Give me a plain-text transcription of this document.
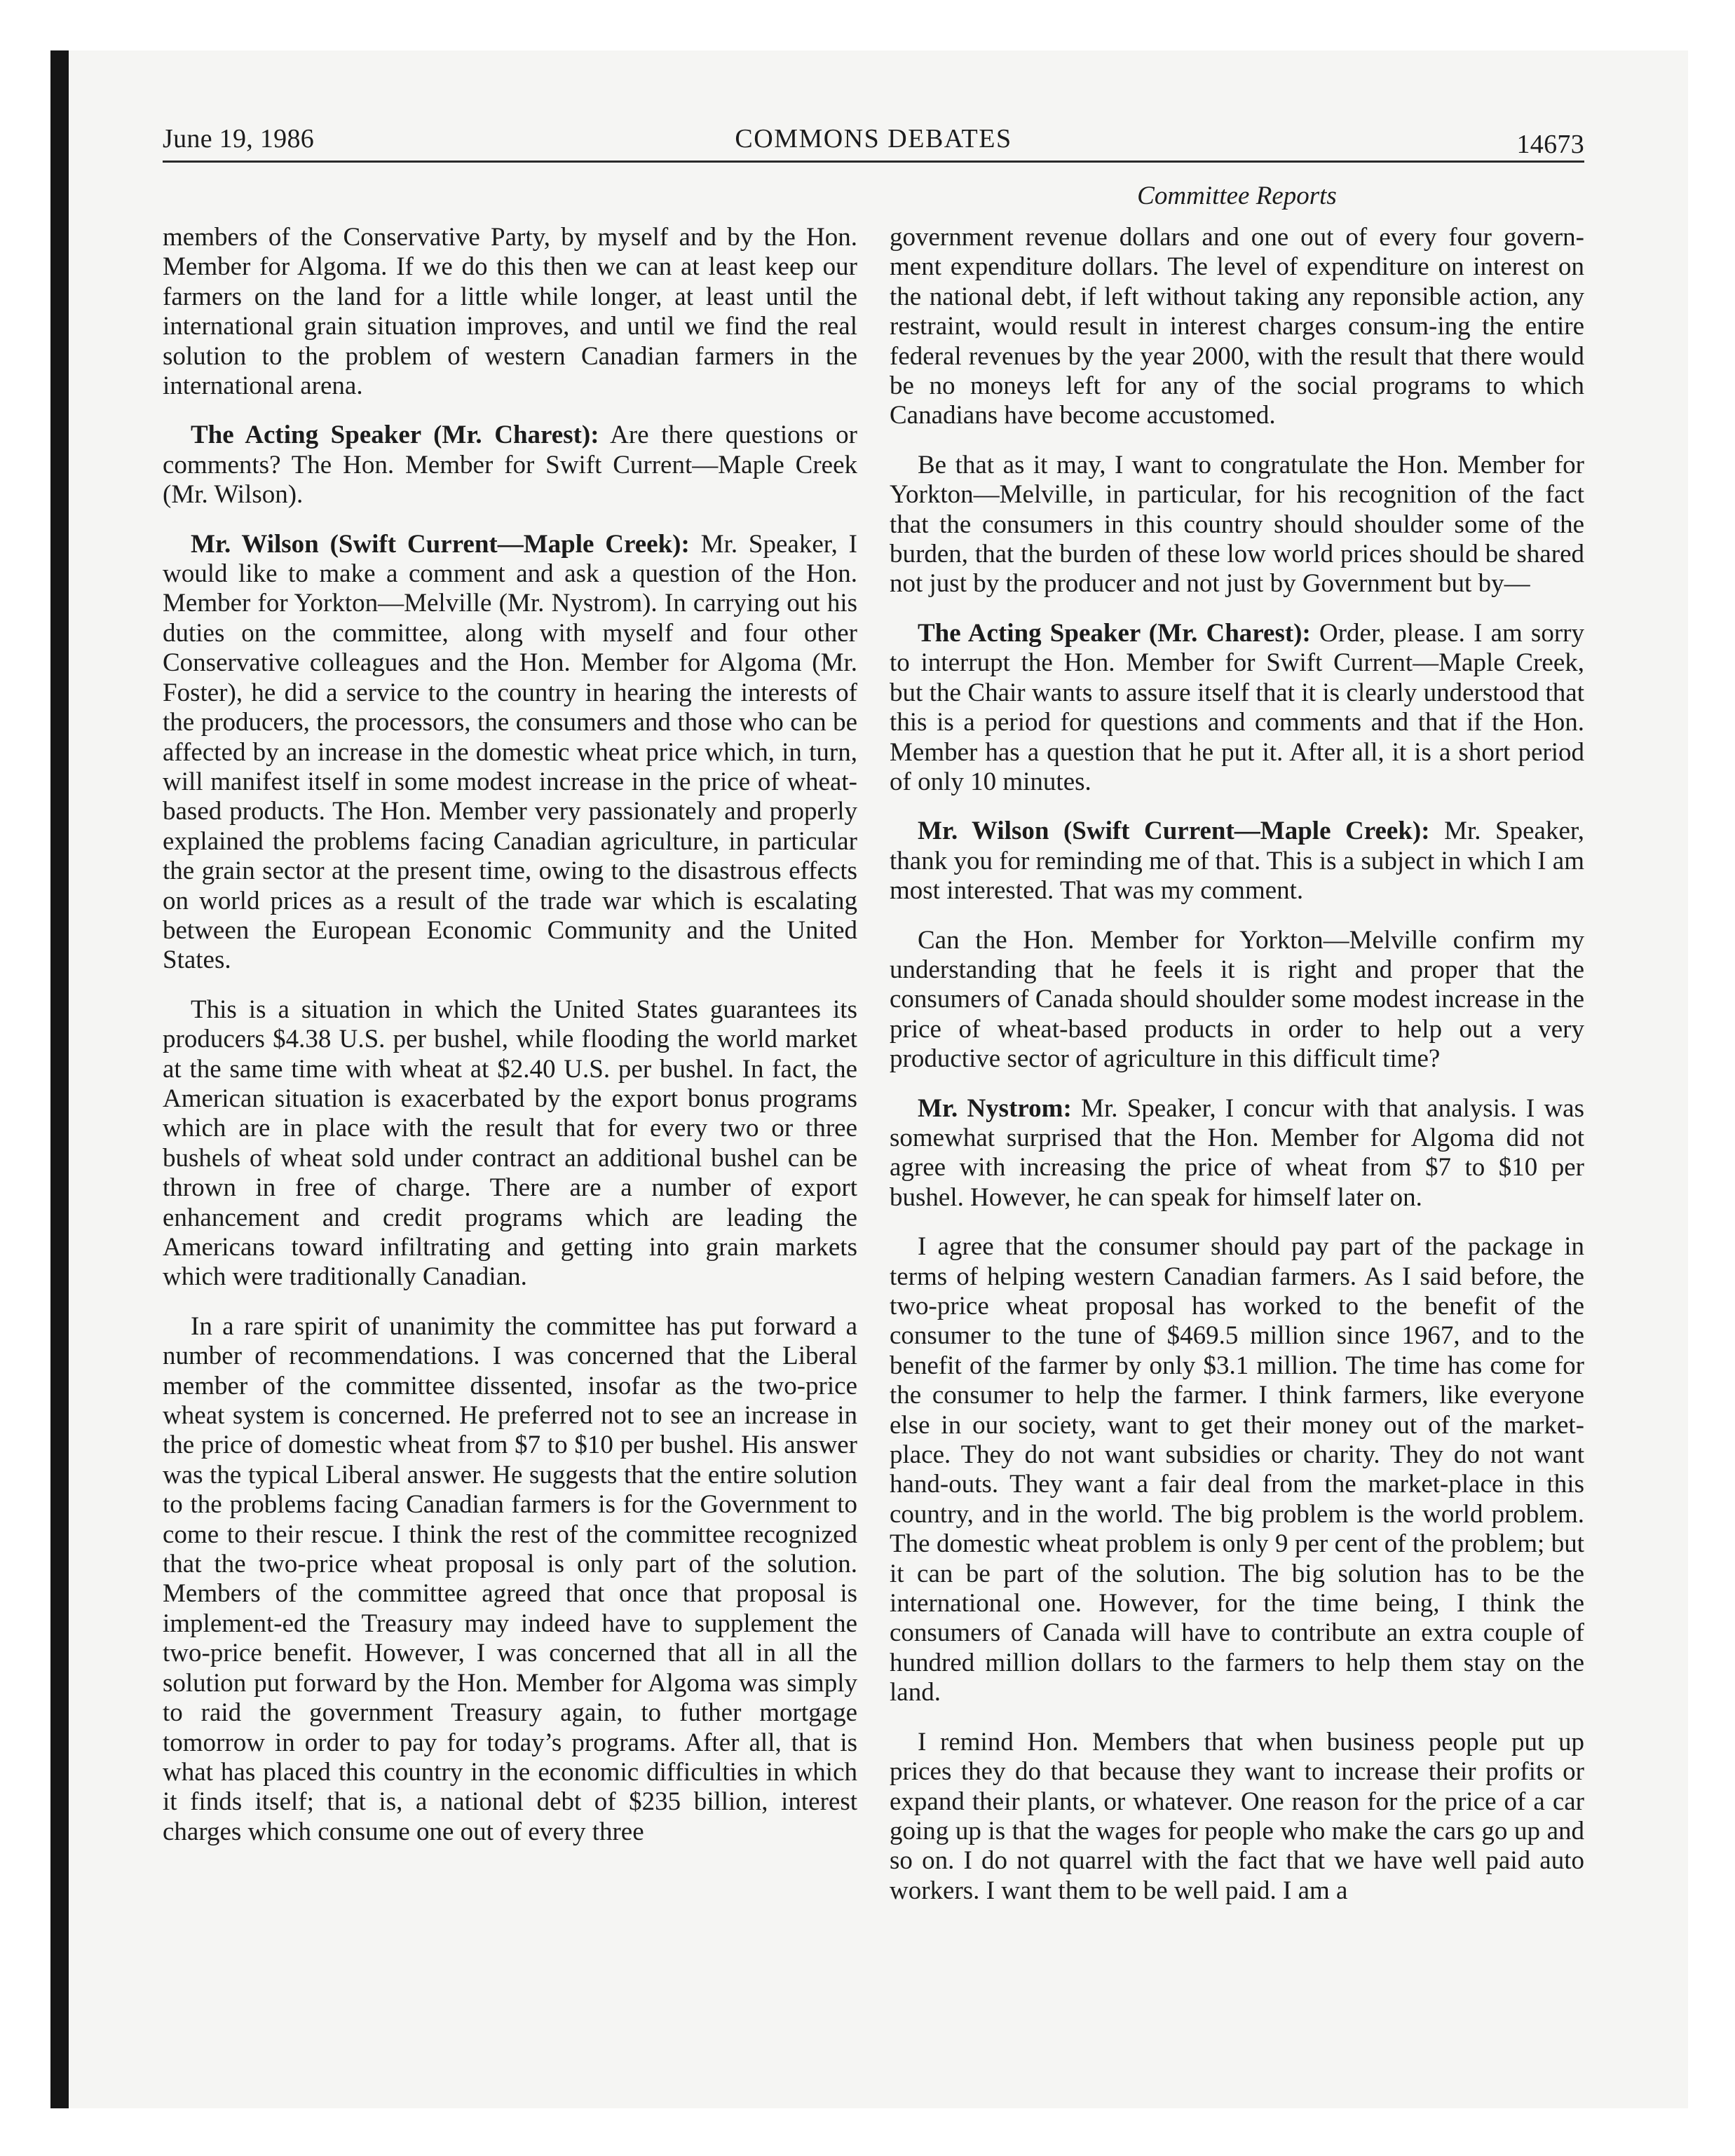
June 19, 1986	COMMONS DEBATES	14673
Committee Reports

members of the Conservative Party, by myself and by the Hon. Member for Algoma. If we do this then we can at least keep our farmers on the land for a little while longer, at least until the international grain situation improves, and until we find the real solution to the problem of western Canadian farmers in the international arena.

The Acting Speaker (Mr. Charest): Are there questions or comments? The Hon. Member for Swift Current—Maple Creek (Mr. Wilson).

Mr. Wilson (Swift Current—Maple Creek): Mr. Speaker, I would like to make a comment and ask a question of the Hon. Member for Yorkton—Melville (Mr. Nystrom). In carrying out his duties on the committee, along with myself and four other Conservative colleagues and the Hon. Member for Algoma (Mr. Foster), he did a service to the country in hearing the interests of the producers, the processors, the consumers and those who can be affected by an increase in the domestic wheat price which, in turn, will manifest itself in some modest increase in the price of wheat-based products. The Hon. Member very passionately and properly explained the problems facing Canadian agriculture, in particular the grain sector at the present time, owing to the disastrous effects on world prices as a result of the trade war which is escalating between the European Economic Community and the United States.

This is a situation in which the United States guarantees its producers $4.38 U.S. per bushel, while flooding the world market at the same time with wheat at $2.40 U.S. per bushel. In fact, the American situation is exacerbated by the export bonus programs which are in place with the result that for every two or three bushels of wheat sold under contract an additional bushel can be thrown in free of charge. There are a number of export enhancement and credit programs which are leading the Americans toward infiltrating and getting into grain markets which were traditionally Canadian.

In a rare spirit of unanimity the committee has put forward a number of recommendations. I was concerned that the Liberal member of the committee dissented, insofar as the two-price wheat system is concerned. He preferred not to see an increase in the price of domestic wheat from $7 to $10 per bushel. His answer was the typical Liberal answer. He suggests that the entire solution to the problems facing Canadian farmers is for the Government to come to their rescue. I think the rest of the committee recognized that the two-price wheat proposal is only part of the solution. Members of the committee agreed that once that proposal is implement-ed the Treasury may indeed have to supplement the two-price benefit. However, I was concerned that all in all the solution put forward by the Hon. Member for Algoma was simply to raid the government Treasury again, to futher mortgage tomorrow in order to pay for today’s programs. After all, that is what has placed this country in the economic difficulties in which it finds itself; that is, a national debt of $235 billion, interest charges which consume one out of every three

government revenue dollars and one out of every four govern-ment expenditure dollars. The level of expenditure on interest on the national debt, if left without taking any reponsible action, any restraint, would result in interest charges consum-ing the entire federal revenues by the year 2000, with the result that there would be no moneys left for any of the social programs to which Canadians have become accustomed.

Be that as it may, I want to congratulate the Hon. Member for Yorkton—Melville, in particular, for his recognition of the fact that the consumers in this country should shoulder some of the burden, that the burden of these low world prices should be shared not just by the producer and not just by Government but by—

The Acting Speaker (Mr. Charest): Order, please. I am sorry to interrupt the Hon. Member for Swift Current—Maple Creek, but the Chair wants to assure itself that it is clearly understood that this is a period for questions and comments and that if the Hon. Member has a question that he put it. After all, it is a short period of only 10 minutes.

Mr. Wilson (Swift Current—Maple Creek): Mr. Speaker, thank you for reminding me of that. This is a subject in which I am most interested. That was my comment.

Can the Hon. Member for Yorkton—Melville confirm my understanding that he feels it is right and proper that the consumers of Canada should shoulder some modest increase in the price of wheat-based products in order to help out a very productive sector of agriculture in this difficult time?

Mr. Nystrom: Mr. Speaker, I concur with that analysis. I was somewhat surprised that the Hon. Member for Algoma did not agree with increasing the price of wheat from $7 to $10 per bushel. However, he can speak for himself later on.

I agree that the consumer should pay part of the package in terms of helping western Canadian farmers. As I said before, the two-price wheat proposal has worked to the benefit of the consumer to the tune of $469.5 million since 1967, and to the benefit of the farmer by only $3.1 million. The time has come for the consumer to help the farmer. I think farmers, like everyone else in our society, want to get their money out of the market-place. They do not want subsidies or charity. They do not want hand-outs. They want a fair deal from the market-place in this country, and in the world. The big problem is the world problem. The domestic wheat problem is only 9 per cent of the problem; but it can be part of the solution. The big solution has to be the international one. However, for the time being, I think the consumers of Canada will have to contribute an extra couple of hundred million dollars to the farmers to help them stay on the land.

I remind Hon. Members that when business people put up prices they do that because they want to increase their profits or expand their plants, or whatever. One reason for the price of a car going up is that the wages for people who make the cars go up and so on. I do not quarrel with the fact that we have well paid auto workers. I want them to be well paid. I am a
